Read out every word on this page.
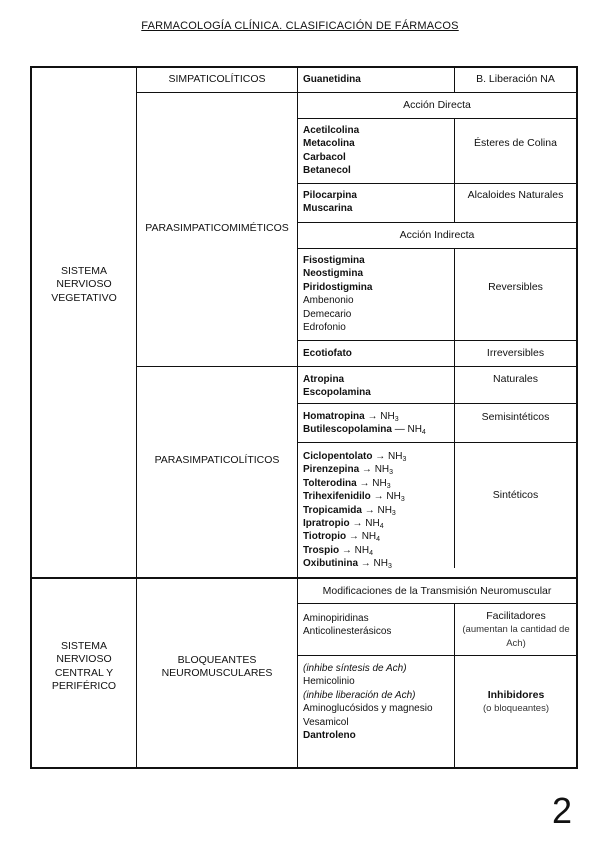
FARMACOLOGÍA CLÍNICA. CLASIFICACIÓN DE FÁRMACOS
SISTEMA NERVIOSO VEGETATIVO
SISTEMA NERVIOSO CENTRAL Y PERIFÉRICO
SIMPATICOLÍTICOS
PARASIMPATICOMIMÉTICOS
PARASIMPATICOLÍTICOS
BLOQUEANTES NEUROMUSCULARES
Guanetidina	B. Liberación NA
Acción Directa
Acetilcolina
Metacolina
Carbacol
Betanecol
Ésteres de Colina
Pilocarpina
Muscarina
Alcaloides Naturales
Acción Indirecta
Fisostigmina
Neostigmina
Piridostigmina
Ambenonio
Demecario
Edrofonio
Reversibles
Ecotiofato	Irreversibles
Atropina
Escopolamina
Naturales
Homatropina → $NH_3$
Butilescopolamina — $NH_4$
Semisintéticos
Ciclopentolato → $NH_3$
Pirenzepina → $NH_3$
Tolterodina → $NH_3$
Trihexifenidilo → $NH_3$
Tropicamida → $NH_3$
Ipratropio → $NH_4$
Tiotropio → $NH_4$
Trospio → $NH_4$
Oxibutinina → $NH_3$
Sintéticos
Modificaciones de la Transmisión Neuromuscular
Aminopiridinas
Anticolinesterásicos
Facilitadores
(aumentan la cantidad de Ach)
(inhibe síntesis de Ach)
Hemicolinio
(inhibe liberación de Ach)
Aminoglucósidos y magnesio
Vesamicol
Dantroleno
Inhibidores
(o bloqueantes)
2
